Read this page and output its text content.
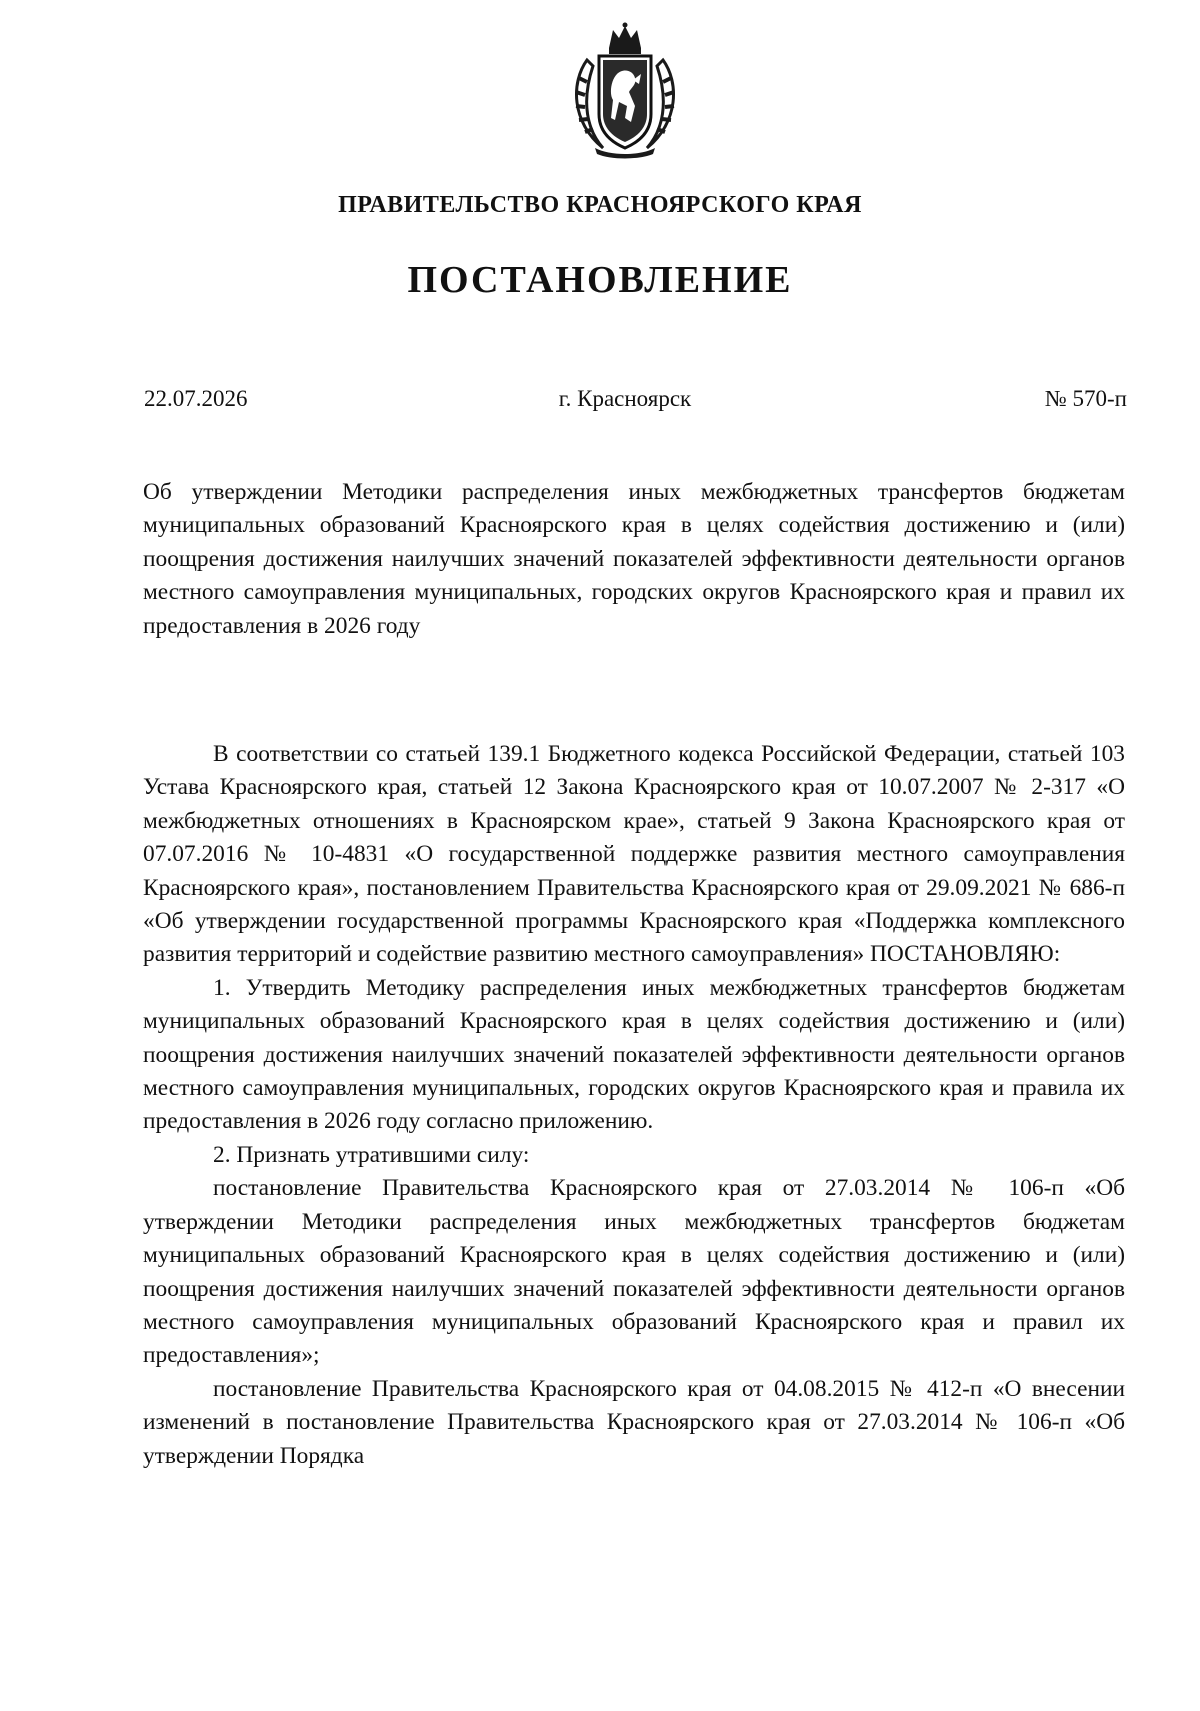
ПРАВИТЕЛЬСТВО КРАСНОЯРСКОГО КРАЯ
ПОСТАНОВЛЕНИЕ
22.07.2026	г. Красноярск	№ 570-п
Об утверждении Методики распределения иных межбюджетных трансфертов бюджетам муниципальных образований Красноярского края в целях содействия достижению и (или) поощрения достижения наилучших значений показателей эффективности деятельности органов местного самоуправления муниципальных, городских округов Красноярского края и правил их предоставления в 2026 году

В соответствии со статьей 139.1 Бюджетного кодекса Российской Федерации, статьей 103 Устава Красноярского края, статьей 12 Закона Красноярского края от 10.07.2007 № 2-317 «О межбюджетных отношениях в Красноярском крае», статьей 9 Закона Красноярского края от 07.07.2016 № 10-4831 «О государственной поддержке развития местного самоуправления Красноярского края», постановлением Правительства Красноярского края от 29.09.2021 № 686-п «Об утверждении государственной программы Красноярского края «Поддержка комплексного развития территорий и содействие развитию местного самоуправления» ПОСТАНОВЛЯЮ:

1. Утвердить Методику распределения иных межбюджетных трансфертов бюджетам муниципальных образований Красноярского края в целях содействия достижению и (или) поощрения достижения наилучших значений показателей эффективности деятельности органов местного самоуправления муниципальных, городских округов Красноярского края и правила их предоставления в 2026 году согласно приложению.

2. Признать утратившими силу:

постановление Правительства Красноярского края от 27.03.2014 № 106-п «Об утверждении Методики распределения иных межбюджетных трансфертов бюджетам муниципальных образований Красноярского края в целях содействия достижению и (или) поощрения достижения наилучших значений показателей эффективности деятельности органов местного самоуправления муниципальных образований Красноярского края и правил их предоставления»;

постановление Правительства Красноярского края от 04.08.2015 № 412-п «О внесении изменений в постановление Правительства Красноярского края от 27.03.2014 № 106-п «Об утверждении Порядка
